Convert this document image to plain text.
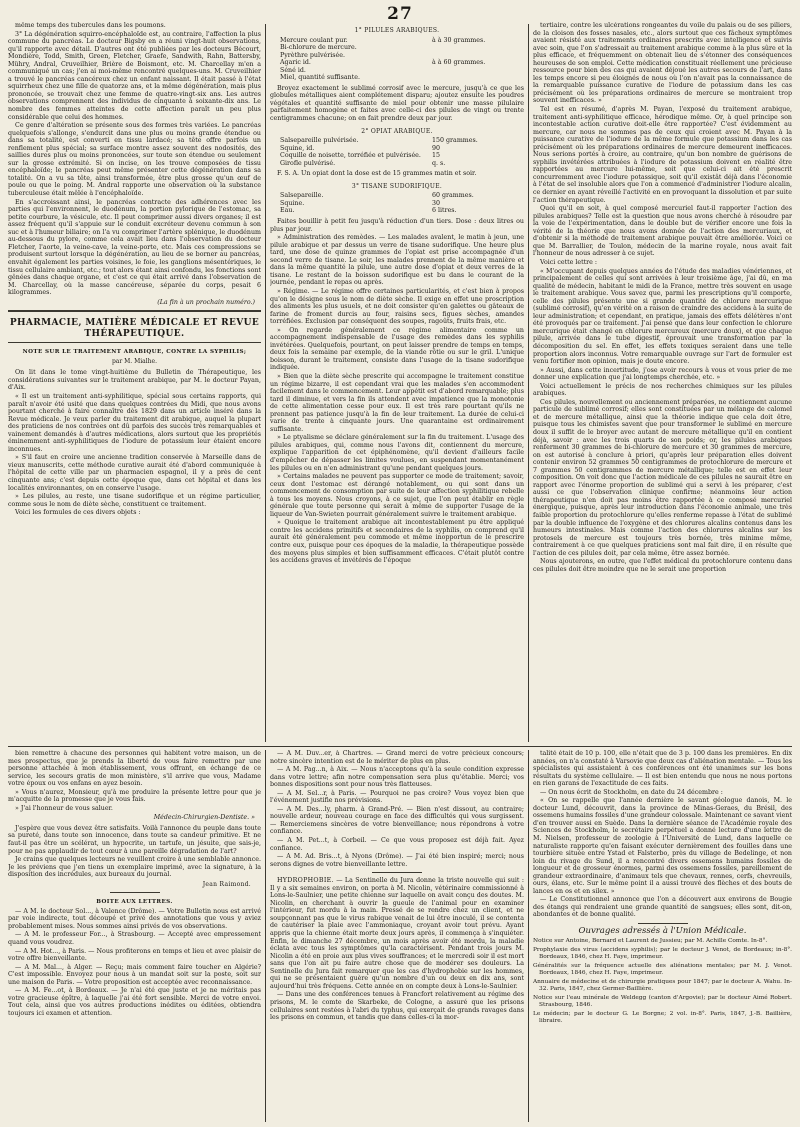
27

même temps des tubercules dans les poumons.

3° La dégénération squirro-encéphaloïde est, au contraire, l'affection la plus commune du pancréas. Le docteur Bigsby en a réuni vingt-huit observations, qu'il rapporte avec détail. D'autres ont été publiées par les docteurs Bécourt, Mondière, Todd, Smith, Green, Fletcher, Graefe, Sandwith, Rahn, Battersby, Mühry, Andral, Cruveilhier, Brière de Boismont, etc. M. Charcellay m'en a communiqué un cas; j'en ai moi-même rencontré quelques-uns. M. Cruveilhier a trouvé le pancréas cancéreux chez un enfant naissant. Il était passé à l'état squirrheux chez une fille de quatorze ans, et la même dégénération, mais plus prononcée, se trouvait chez une femme de quatre-vingt-six ans. Les autres observations comprennent des individus de cinquante à soixante-dix ans. Le nombre des femmes atteintes de cette affection paraît un peu plus considérable que celui des hommes.

Ce genre d'altération se présente sous des formes très variées. Le pancréas quelquefois s'allonge, s'endurcit dans une plus ou moins grande étendue ou dans sa totalité, est converti en tissu lardacé; sa tête offre parfois un renflement plus spécial; sa surface montre assez souvent des nodosités, des saillies dures plus ou moins prononcées, sur toute son étendue ou seulement sur la grosse extrémité. Si on incise, on les trouve composées de tissu encéphaloïde; le pancréas peut même présenter cette dégénération dans sa totalité. On a vu sa tête, ainsi transformée, être plus grosse qu'un œuf de poule ou que le poing. M. Andral rapporte une observation où la substance tuberculeuse était mêlée à l'encéphaloïde.

En s'accroissant ainsi, le pancréas contracte des adhérences avec les parties qui l'environnent, le duodénum, la portion pylorique de l'estomac, sa petite courbure, la vésicule, etc. Il peut comprimer aussi divers organes; il est assez fréquent qu'il s'appuie sur le conduit excréteur devenu commun à son suc et à l'humeur biliaire; on l'a vu comprimer l'artère splénique, le duodénum au-dessous du pylore, comme cela avait lieu dans l'observation du docteur Fletcher, l'aorte, la veine-cave, la veine-porte, etc. Mais ces compressions se produisent surtout lorsque la dégénération, au lieu de se borner au pancréas, envahit également les parties voisines, le foie, les ganglions mésentériques, le tissu cellulaire ambiant, etc.; tout alors étant ainsi confondu, les fonctions sont gênées dans chaque organe, et c'est ce qui était arrivé dans l'observation de M. Charcellay, où la masse cancéreuse, séparée du corps, pesait 6 kilogrammes.

(La fin à un prochain numéro.)
PHARMACIE, MATIÈRE MÉDICALE ET REVUE THÉRAPEUTIQUE.
NOTE SUR LE TRAITEMENT ARABIQUE, CONTRE LA SYPHILIS;
par M. Mialhe.

On lit dans le tome vingt-huitième du Bulletin de Thérapeutique, les considérations suivantes sur le traitement arabique, par M. le docteur Payan, d'Aix.

« Il est un traitement anti-syphilitique, spécial sous certains rapports, qui paraît n'avoir été usité que dans quelques contrées du Midi, que nous avons pourtant cherché à faire connaître dès 1829 dans un article inséré dans la Revue médicale. Je veux parler du traitement dit arabique, auquel la plupart des praticiens de nos contrées ont dû parfois des succès très remarquables et vainement demandés à d'autres médications, alors surtout que les propriétés éminemment anti-syphilitiques de l'iodure de potassium leur étaient encore inconnues.

» S'il faut en croire une ancienne tradition conservée à Marseille dans de vieux manuscrits, cette méthode curative aurait été d'abord communiquée à l'hôpital de cette ville par un pharmacien espagnol, il y a près de cent cinquante ans; c'est depuis cette époque que, dans cet hôpital et dans les localités environnantes, on en conserve l'usage.

» Les pilules, au reste, une tisane sudorifique et un régime particulier, comme sous le nom de diète sèche, constituent ce traitement.

Voici les formules de ces divers objets :

1° PILULES ARABIQUES.
Mercure coulant pur.	à à 30 grammes.
Bi-chlorure de mercure.
Pyrèthre pulvérisée.
Agaric id.	à à 60 grammes.
Séné id.
Miel, quantité suffisante.

Broyez exactement le sublimé corrosif avec le mercure, jusqu'à ce que les globules métalliques aient complétement disparu; ajoutez ensuite les poudres végétales et quantité suffisante de miel pour obtenir une masse pilulaire parfaitement homogène et faites avec celle-ci des pilules de vingt ou trente centigrammes chacune; on en fait prendre deux par jour.

2° OPIAT ARABIQUE.
Salsepareille pulvérisée.	150 grammes.
Squine, id.	90
Coquille de noisette, torréfiée et pulvérisée.	15
Girofle pulvérisé.	q. s.

F. S. A. Un opiat dont la dose est de 15 grammes matin et soir.

3° TISANE SUDORIFIQUE.
Salsepareille.	60 grammes.
Squine.	30
Eau.	6 litres.

Faites bouillir à petit feu jusqu'à réduction d'un tiers. Dose : deux litres ou plus par jour.

» Administration des remèdes. — Les malades avalent, le matin à jeun, une pilule arabique et par dessus un verre de tisane sudorifique. Une heure plus tard, une dose de quinze grammes de l'opiat est prise accompagnée d'un second verre de tisane. Le soir, les malades prennent de la même manière et dans la même quantité la pilule, une autre dose d'opiat et deux verres de la tisane. Le restant de la boisson sudorifique est bu dans le courant de la journée, pendant le repas ou après.

» Régime. — Le régime offre certaines particularités, et c'est bien à propos qu'on le désigne sous le nom de diète sèche. Il exige en effet une proscription des aliments les plus usuels, et ne doit consister qu'en galettes ou gâteaux de farine de froment durcis au four, raisins secs, figues sèches, amandes torréfiées. Exclusion par conséquent des soupes, ragoûts, fruits frais, etc.

» On regarde généralement ce régime alimentaire comme un accompagnement indispensable de l'usage des remèdes dans les syphilis invétérées. Quelquefois, pourtant, on peut laisser prendre de temps en temps, deux fois la semaine par exemple, de la viande rôtie ou sur le gril. L'unique boisson, durant le traitement, consiste dans l'usage de la tisane sudorifique indiquée.

» Bien que la diète sèche prescrite qui accompagne le traitement constitue un régime bizarre, il est cependant vrai que les malades s'en accommodent facilement dans le commencement. Leur appétit est d'abord remarquable; plus tard il diminue, et vers la fin ils attendent avec impatience que la monotonie de cette alimentation cesse pour eux. Il est très rare pourtant qu'ils ne prennent pas patience jusqu'à la fin de leur traitement. La durée de celui-ci varie de trente à cinquante jours. Une quarantaine est ordinairement suffisante.

» Le ptyalisme se déclare généralement sur la fin du traitement. L'usage des pilules arabiques, qui, comme nous l'avons dit, contiennent du mercure, explique l'apparition de cet épiphénomène, qu'il devient d'ailleurs facile d'empêcher de dépasser les limites voulues, en suspendant momentanément les pilules ou en n'en administrant qu'une pendant quelques jours.

» Certains malades ne peuvent pas supporter ce mode de traitement; savoir, ceux dont l'estomac est dérangé notablement, ou qui sont dans un commencement de consomption par suite de leur affection syphilitique rebelle à tous les moyens. Nous croyons, à ce sujet, que l'on peut établir en règle générale que toute personne qui serait à même de supporter l'usage de la liqueur de Van-Swieten pourrait généralement suivre le traitement arabique.

» Quoique le traitement arabique ait incontestablement pu être appliqué contre les accidens primitifs et secondaires de la syphilis, on comprend qu'il aurait été généralement peu commode et même inopportun de le prescrire contre eux, puisque pour ces époques de la maladie, la thérapeutique possède des moyens plus simples et bien suffisamment efficaces. C'était plutôt contre les accidens graves et invétérés de l'époque

tertiaire, contre les ulcérations rongeantes du voile du palais ou de ses piliers, de la cloison des fosses nasales, etc., alors surtout que ces fâcheux symptômes avaient résisté aux traitements ordinaires prescrits avec intelligence et suivis avec soin, que l'on s'adressait au traitement arabique comme à la plus sûre et la plus efficace, et fréquemment on obtenait lieu de s'étonner des conséquences heureuses de son emploi. Cette médication constituait réellement une précieuse ressource pour bien des cas qui avaient déjoué les autres secours de l'art, dans les temps encore si peu éloignés de nous où l'on n'avait pas la connaissance de la remarquable puissance curative de l'iodure de potassium dans les cas précisément où les préparations ordinaires de mercure se montraient trop souvent inefficaces. »

Tel est en résumé, d'après M. Payan, l'exposé du traitement arabique, traitement anti-syphilitique efficace, hérodique même. Or, à quel principe son incontestable action curative doit-elle être rapportée? C'est évidemment au mercure, car nous ne sommes pas de ceux qui croient avec M. Payan à la puissance curative de l'iodure de la même formule que potassium dans les cas précisément où les préparations ordinaires de mercure demeurent inefficaces. Nous serions portés à croire, au contraire, qu'un bon nombre de guérisons de syphilis invétérées attribuées à l'iodure de potassium doivent en réalité être rapportées au mercure lui-même, soit que celui-ci ait été prescrit concurremment avec l'iodure potassique, soit qu'il existât déjà dans l'économie à l'état de sel insoluble alors que l'on a commencé d'administrer l'iodure alcalin, ce dernier en ayant réveillé l'activité en en provoquant la dissolution et par suite l'action thérapeutique.

Quoi qu'il en soit, à quel composé mercuriel faut-il rapporter l'action des pilules arabiques? Telle est la question que nous avons cherché à résoudre par la voie de l'expérimentation, dans le double but de vérifier encore une fois la vérité de la théorie que nous avons donnée de l'action des mercuriaux, et d'obtenir si la méthode de traitement arabique pouvait être améliorée. Voici ce que M. Barrallier, de Toulon, médecin de la marine royale, nous avait fait l'honneur de nous adresser à ce sujet.

Voici cette lettre :

« M'occupant depuis quelques années de l'étude des maladies vénériennes, et principalement de celles qui sont arrivées à leur troisième âge, j'ai dû, en ma qualité de médecin, habitant le midi de la France, mettre très souvent en usage le traitement arabique. Vous savez que, parmi les prescriptions qu'il comporte, celle des pilules présente une si grande quantité de chlorure mercurique (sublimé corrosif), qu'en vérité on a raison de craindre des accidens à la suite de leur administration; et cependant, en pratique, jamais des effets délétères n'ont été provoqués par ce traitement. J'ai pensé que dans leur confection le chlorure mercurique était changé en chlorure mercureux (mercure doux), et que chaque pilule, arrivée dans le tube digestif, éprouvait une transformation par la décomposition du sel. En effet, les effets toxiques seraient dans une telle proportion alors inconnus. Votre remarquable ouvrage sur l'art de formuler est venu fortifier mon opinion, mais je doute encore.

» Aussi, dans cette incertitude, j'ose avoir recours à vous et vous prier de me donner une explication que j'ai longtemps cherchée, etc. »

Voici actuellement le précis de nos recherches chimiques sur les pilules arabiques.

Ces pilules, nouvellement ou anciennement préparées, ne contiennent aucune particule de sublimé corrosif; elles sont constituées par un mélange de calomel et de mercure métallique, ainsi que la théorie indique que cela doit être, puisque tous les chimistes savent que pour transformer le sublimé en mercure doux il suffit de le broyer avec autant de mercure métallique qu'il en contient déjà, savoir : avec les trois quarts de son poids; or, les pilules arabiques renferment 30 grammes de bi-chlorure de mercure et 30 grammes de mercure, on est autorisé à conclure à priori, qu'après leur préparation elles doivent contenir environ 52 grammes 50 centigrammes de protochlorure de mercure et 7 grammes 50 centigrammes de mercure métallique; telle est en effet leur composition. On voit donc que l'action médicale de ces pilules ne saurait être en rapport avec l'énorme proportion de sublimé qui a servi à les préparer, c'est aussi ce que l'observation clinique confirme; néanmoins leur action thérapeutique n'en doit pas moins être rapportée à ce composé mercuriel énergique, puisque, après leur introduction dans l'économie animale, une très faible proportion du protochlorure qu'elles renferme repasse à l'état de sublimé par la double influence de l'oxygène et des chlorures alcalins contenus dans les humeurs intestinales. Mais comme l'action des chlorures alcalins sur les protosels de mercure est toujours très bornée, très minime même, contrairement à ce que quelques praticiens sont mal fait dire, il en résulte que l'action de ces pilules doit, par cela même, être assez bornée.

Nous ajouterons, en outre, que l'effet médical du protochlorure contenu dans ces pilules doit être moindre que ne le serait une proportion

bien remettre à chacune des personnes qui habitent votre maison, un de mes prospectus, que je prends la liberté de vous faire remettre par une personne attachée à mon établissement, vous offrant, en échange de ce service, les secours gratis de mon ministère, s'il arrive que vous, Madame votre époux ou vos enfans en ayez besoin.

» Vous n'aurez, Monsieur, qu'à me produire la présente lettre pour que je m'acquitte de la promesse que je vous fais.

» J'ai l'honneur de vous saluer.

Médecin-Chirurgien-Dentiste. »

J'espère que vous devez être satisfaits. Voilà l'annonce du peuple dans toute sa pureté, dans toute son innocence, dans toute sa candeur primitive. Et ne faut-il pas être un scélérat, un hypocrite, un tartufe, un jésuite, que sais-je, pour ne pas applaudir de tout cœur à une pareille dégradation de l'art?

Je crains que quelques lecteurs ne veuillent croire à une semblable annonce. Je les préviens que j'en tiens un exemplaire imprimé, avec la signature, à la disposition des incrédules, aux bureaux du journal.

Jean Raimond.
BOITE AUX LETTRES.

— A M. le docteur Sol..., à Valence (Drôme). — Votre Bulletin nous est arrivé par voie indirecte, tout découpé et privé des annotations que vous y aviez probablement mises. Nous sommes ainsi privés de vos observations.

— A M. le professeur For..., à Strasbourg. — Accepté avec empressement quand vous voudrez.

— A M. Hot..., à Paris. — Nous profiterons en temps et lieu et avec plaisir de votre offre bienveillante.

— A M. Mal..., à Alger. — Reçu; mais comment faire toucher en Algérie? C'est impossible. Envoyez pour nous à un mandat soit sur la poste, soit sur une maison de Paris. — Votre proposition est acceptée avec reconnaissance.

— A M. Fe...ot, à Bordeaux. — Je n'ai été que juste et je ne méritais pas votre gracieuse épître, à laquelle j'ai été fort sensible. Merci de votre envoi. Tout cela, ainsi que vos autres productions inédites ou éditées, obtiendra toujours ici examen et attention.

— A M. Duv...er, à Chartres. — Grand merci de votre précieux concours; notre sincère intention est de le mériter de plus en plus.

— A M. Pag...n, à Aix. — Nous n'acceptons qu'à la seule condition expresse dans votre lettre; afin notre compensation sera plus qu'établie. Merci; vos bonnes dispositions sont pour nous très flatteuses.

— A M. Sel...r, à Paris. — Pourquoi ne pas croire? Vous voyez bien que l'événement justifie nos prévisions.

— A M. Des...ly, pharm. à Grand-Pré. — Bien n'est dissout, au contraire; nouvelle ardeur, nouveau courage en face des difficultés qui vous surgissent. — Remerciemens sincères de votre bienveillance; nous répondrons à votre confiance.

— A M. Pet...t, à Corbeil. — Ce que vous proposez est déjà fait. Ayez confiance.

— A M. Ad. Bris...t, à Nyons (Drôme). — J'ai été bien inspiré; merci; nous serons dignes de votre bienveillante lettre.

HYDROPHOBIE. — La Sentinelle du Jura donne la triste nouvelle qui suit : Il y a six semaines environ, on porta à M. Nicolin, vétérinaire commissionné à Lons-le-Saulnier, une petite chienne sur laquelle on avait conçu des doutes. M. Nicolin, en cherchant à ouvrir la gueule de l'animal pour en examiner l'intérieur, fut mordu à la main. Pressé de se rendre chez un client, et ne soupçonnant pas que le virus rabique venait de lui être inoculé, il se contenta de cautériser la plaie avec l'ammoniaque, croyant avoir tout prévu. Ayant appris que la chienne était morte deux jours après, il commença à s'inquiéter. Enfin, le dimanche 27 décembre, un mois après avoir été mordu, la maladie éclata avec tous les symptômes qu'la caractérisent. Pendant trois jours M. Nicolin a été en proie aux plus vives souffrances; et le mercredi soir il est mort sans que l'on ait pu faire autre chose que de modérer ses douleurs. La Sentinelle du Jura fait remarquer que les cas d'hydrophobie sur les hommes, qui ne se présentaient guère qu'un nombre d'un ou deux en dix ans, sont aujourd'hui très fréquens. Cette année en on compte deux à Lons-le-Saulnier.

— Dans une des conférences tenues à Francfort relativement au régime des prisons, M. le comte de Skarbeke, de Cologne, a assuré que les prisons cellulaires sont restées à l'abri du typhus, qui exerçait de grands ravages dans les prisons en commun, et tandis que dans celles-ci la mor-

talité était de 10 p. 100, elle n'était que de 3 p. 100 dans les premières. En dix années, on n'a constaté à Varsovie que deux cas d'aliénation mentale. — Tous les spécialistes qui assistaient à ces conférences ont été unanimes sur les bons résultats du système cellulaire. — Il est bien entendu que nous ne nous portons en rien garans de l'exactitude de ces faits.

— On nous écrit de Stockholm, en date du 24 décembre :

« On se rappelle que l'année dernière le savant géologue danois, M. le docteur Lund, découvrit, dans la province de Minas-Geraes, du Brésil, des ossemens humains fossiles d'une grandeur colossale. Maintenant ce savant vient d'en trouver aussi en Suède. Dans la dernière séance de l'Académie royale des Sciences de Stockholm, le secrétaire perpétuel a donné lecture d'une lettre de M. Nielsen, professeur de zoologie à l'Université de Lund, dans laquelle ce naturaliste rapporte qu'en faisant exécuter dernièrement des fouilles dans une tourbière située entre Ystad et Falsterbo, près du village de Bedelinge, et non loin du rivage du Sund, il a rencontré divers ossemens humains fossiles de longueur et de grosseur énormes, parmi des ossemens fossiles, pareillement de grandeur extraordinaire, d'animaux tels que chevaux, rennes, cerfs, chevreuils, ours, élans, etc. Sur le même point il a aussi trouvé des flèches et des bouts de lances en os et en silex. »

— Le Constitutionnel annonce que l'on a découvert aux environs de Bougie des étangs qui rendraient une grande quantité de sangsues; elles sont, dit-on, abondantes et de bonne qualité.

Ouvrages adressés à l'Union Médicale.

Notice sur Antoine, Bernard et Laurent de Jussieu; par M. Achille Comte. In-8°.

Prophylaxie des virus (accidens syphilis); par le docteur J. Venot, de Bordeaux; in-8°. Bordeaux, 1846, chez H. Faye, imprimeur.

Généralités sur la fréquence actuelle des aliénations mentales; par M. J. Venot. Bordeaux, 1846, chez H. Faye, imprimeur.

Annuaire de médecine et de chirurgie pratiques pour 1847; par le docteur A. Wahu. In-32. Paris, 1847, chez Germer-Baillière.

Notice sur l'eau minérale de Weldegg (canton d'Argovie); par le docteur Aimé Robert. Strasbourg, 1846.

Le médecin; par le docteur G. Le Borgne; 2 vol. in-8°. Paris, 1847, J.-B. Baillière, libraire.
